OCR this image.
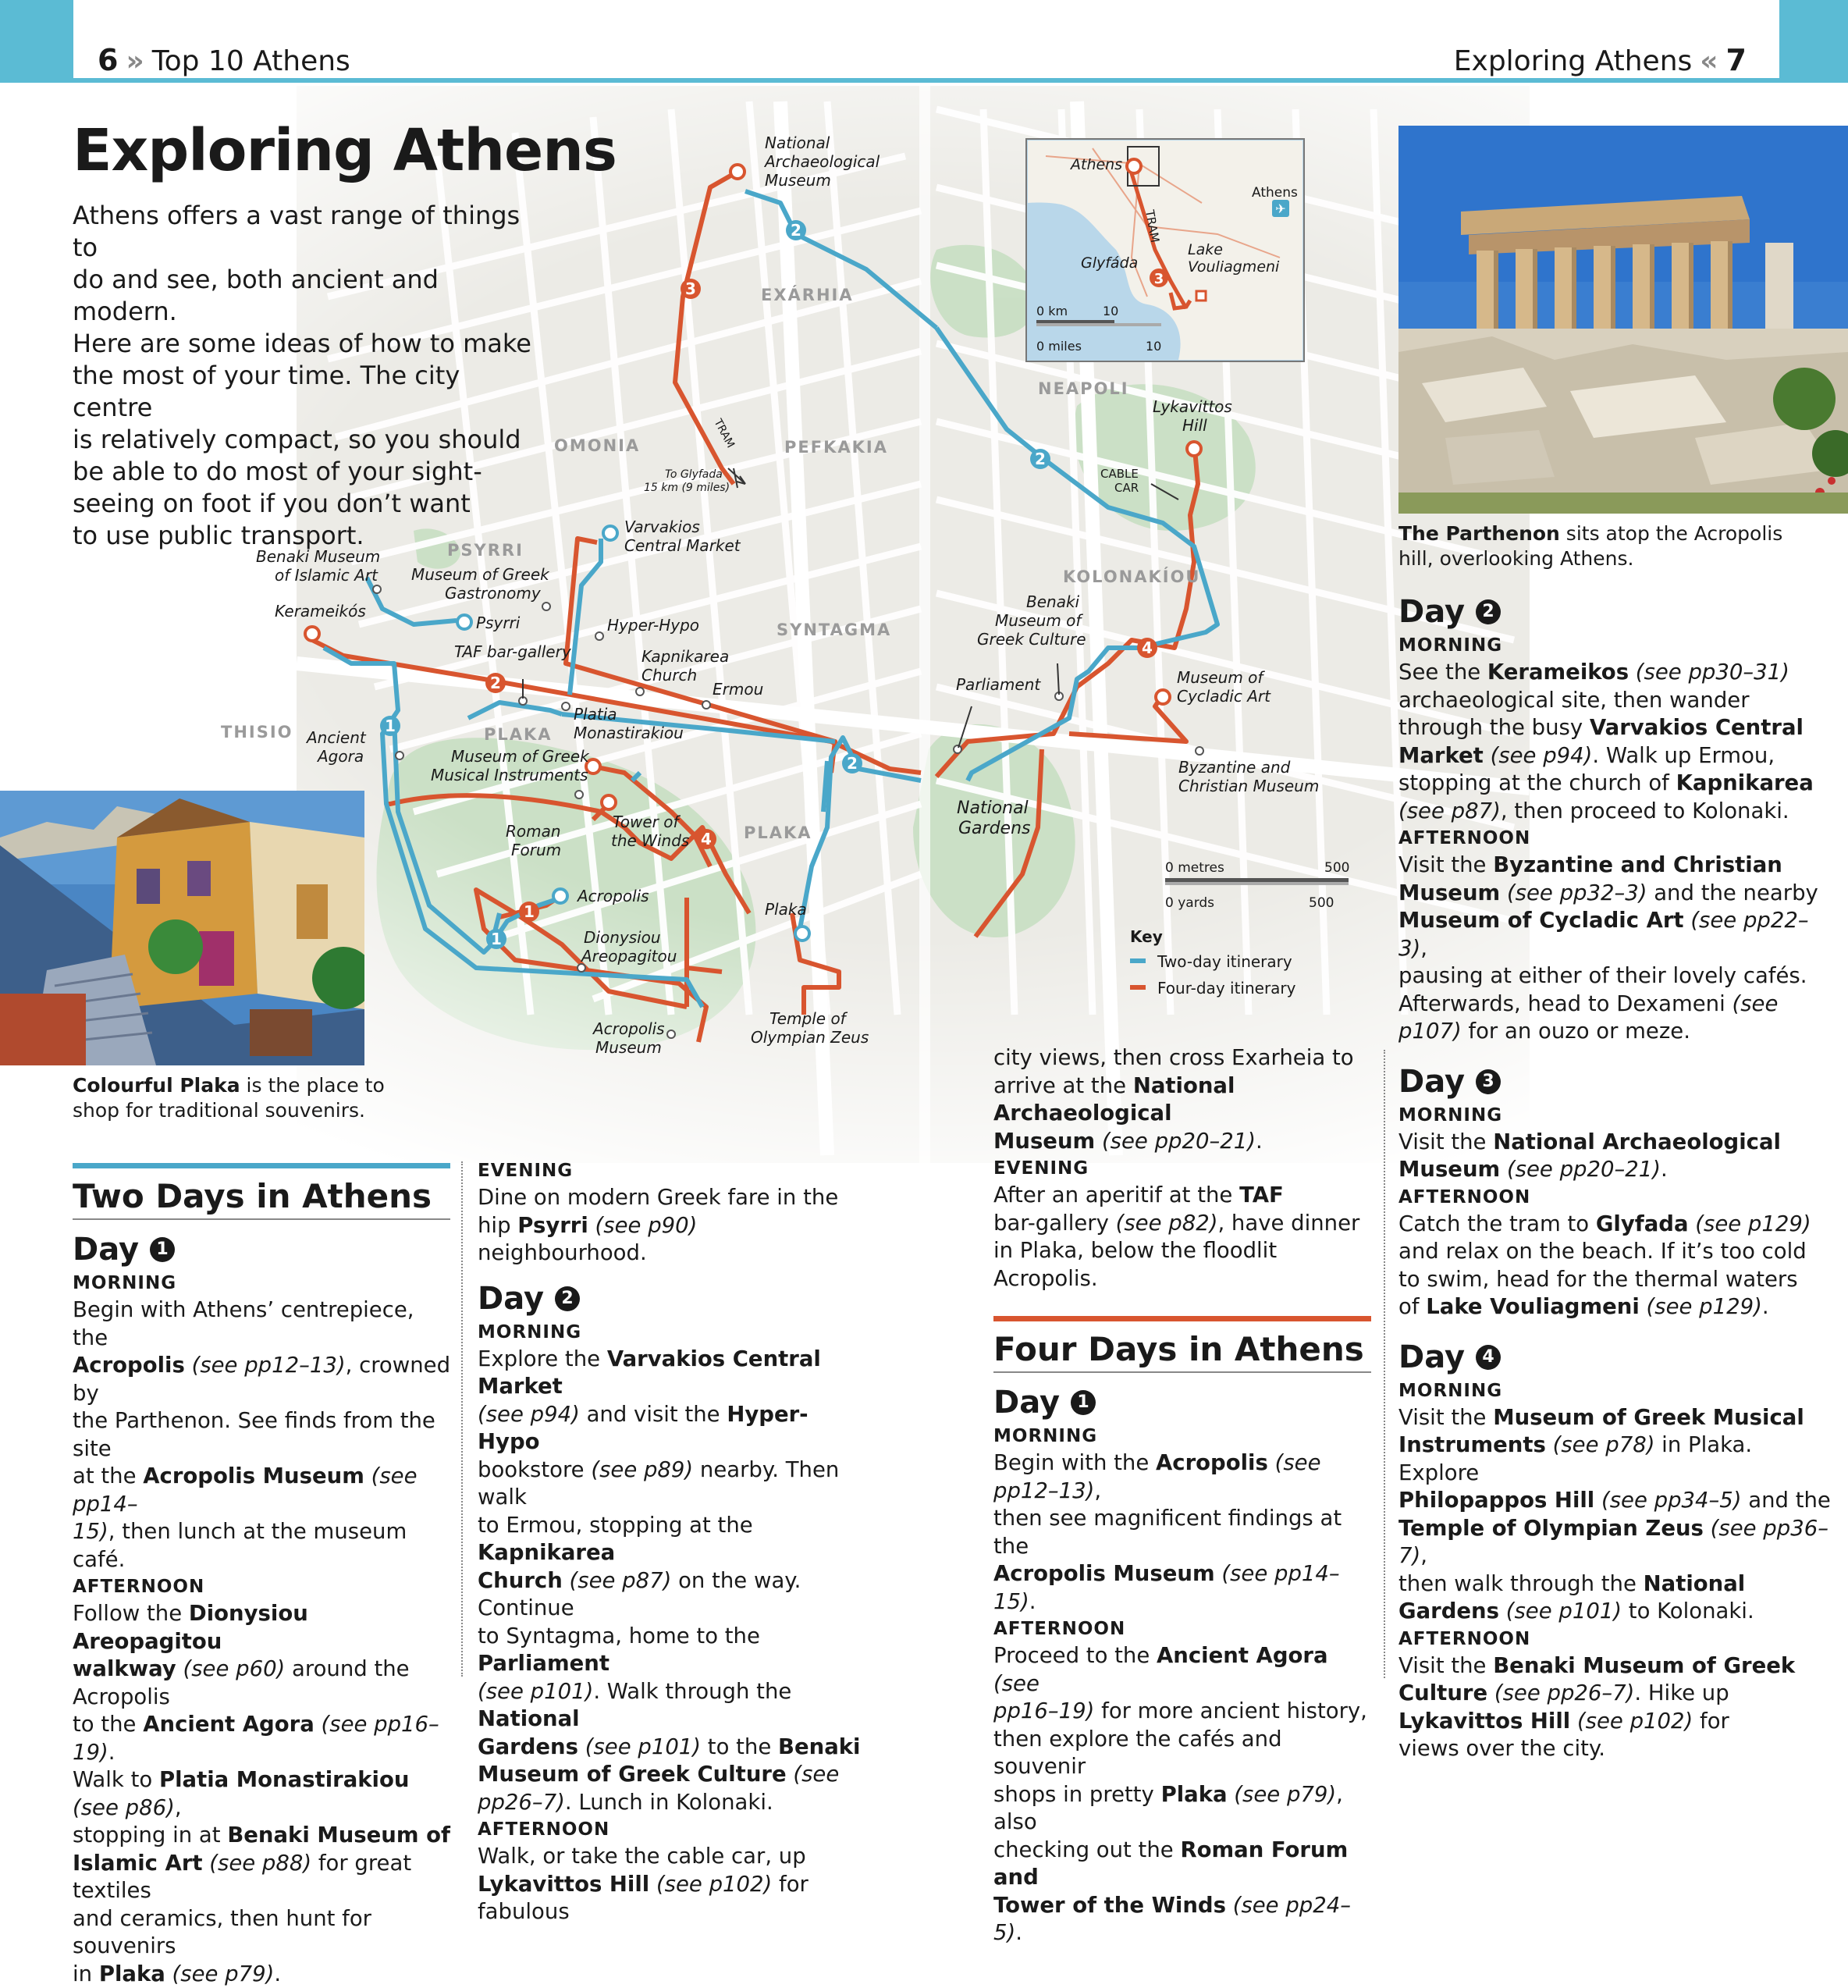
6 » Top 10 Athens	Exploring Athens « 7
2
3
2
4
2
1
2
4
1
1
EXÁRHIA
OMONIA	PEFKAKIA
PSYRRI
SYNTAGMA
THISIO	PLAKA
PLAKA
NEAPOLI
KOLONAKÍOU
National Archaeological Museum
Varvakios Central Market
Benaki Museum of Islamic Art Museum of Greek Gastronomy
Kerameikós
Psyrri
TAF bar-gallery
Hyper-Hypo
Kapnikarea Church
Ermou
Platia Monastirakiou
Ancient Agora	Museum of Greek Musical Instruments
Roman Forum
Tower of the Winds
Acropolis
Dionysiou Areopagitou
Plaka
Temple of Olympian Zeus
Acropolis Museum
Lykavittos Hill
Benaki Museum of Greek Culture
Parliament	Museum of Cycladic Art
Byzantine and Christian Museum
National Gardens
To Glyfada 15 km (9 miles)
TRAM
CABLE CAR
0 metres	500
0 yards	500
Key
Two-day itinerary
Four-day itinerary
3
✈
Athens
Glyfáda
Lake Vouliagmeni
Athens
TRAM
0 km	10
0 miles	10
Exploring Athens
Athens offers a vast range of things to
do and see, both ancient and modern.
Here are some ideas of how to make
the most of your time. The city centre
is relatively compact, so you should
be able to do most of your sight-
seeing on foot if you don’t want
to use public transport.
Colourful Plaka is the place to
shop for traditional souvenirs.
The Parthenon sits atop the Acropolis
hill, overlooking Athens.
Two Days in Athens
Day	1
MORNING

Begin with Athens’ centrepiece, the

Acropolis (see pp12–13), crowned by

the Parthenon. See finds from the site

at the Acropolis Museum (see pp14–

15), then lunch at the museum café.

AFTERNOON

Follow the Dionysiou Areopagitou

walkway (see p60) around the Acropolis

to the Ancient Agora (see pp16–19).

Walk to Platia Monastirakiou (see p86),

stopping in at Benaki Museum of

Islamic Art (see p88) for great textiles

and ceramics, then hunt for souvenirs

in Plaka (see p79).

EVENING

Dine on modern Greek fare in the

hip Psyrri (see p90) neighbourhood.

Day	2
MORNING

Explore the Varvakios Central Market

(see p94) and visit the Hyper-Hypo

bookstore (see p89) nearby. Then walk

to Ermou, stopping at the Kapnikarea

Church (see p87) on the way. Continue

to Syntagma, home to the Parliament

(see p101). Walk through the National

Gardens (see p101) to the Benaki

Museum of Greek Culture (see

pp26–7). Lunch in Kolonaki.

AFTERNOON

Walk, or take the cable car, up

Lykavittos Hill (see p102) for fabulous

city views, then cross Exarheia to

arrive at the National Archaeological

Museum (see pp20–21).

EVENING

After an aperitif at the TAF

bar-gallery (see p82), have dinner

in Plaka, below the floodlit Acropolis.

Four Days in Athens
Day	1
MORNING

Begin with the Acropolis (see pp12–13),

then see magnificent findings at the

Acropolis Museum (see pp14–15).

AFTERNOON

Proceed to the Ancient Agora (see

pp16–19) for more ancient history,

then explore the cafés and souvenir

shops in pretty Plaka (see p79), also

checking out the Roman Forum and

Tower of the Winds (see pp24–5).

Day	2
MORNING

See the Kerameikos (see pp30–31)

archaeological site, then wander

through the busy Varvakios Central

Market (see p94). Walk up Ermou,

stopping at the church of Kapnikarea

(see p87), then proceed to Kolonaki.

AFTERNOON

Visit the Byzantine and Christian

Museum (see pp32–3) and the nearby

Museum of Cycladic Art (see pp22–3),

pausing at either of their lovely cafés.

Afterwards, head to Dexameni (see

p107) for an ouzo or meze.

Day	3
MORNING

Visit the National Archaeological

Museum (see pp20–21).

AFTERNOON

Catch the tram to Glyfada (see p129)

and relax on the beach. If it’s too cold

to swim, head for the thermal waters

of Lake Vouliagmeni (see p129).

Day	4
MORNING

Visit the Museum of Greek Musical

Instruments (see p78) in Plaka. Explore

Philopappos Hill (see pp34–5) and the

Temple of Olympian Zeus (see pp36–7),

then walk through the National

Gardens (see p101) to Kolonaki.

AFTERNOON

Visit the Benaki Museum of Greek

Culture (see pp26–7). Hike up

Lykavittos Hill (see p102) for

views over the city.
